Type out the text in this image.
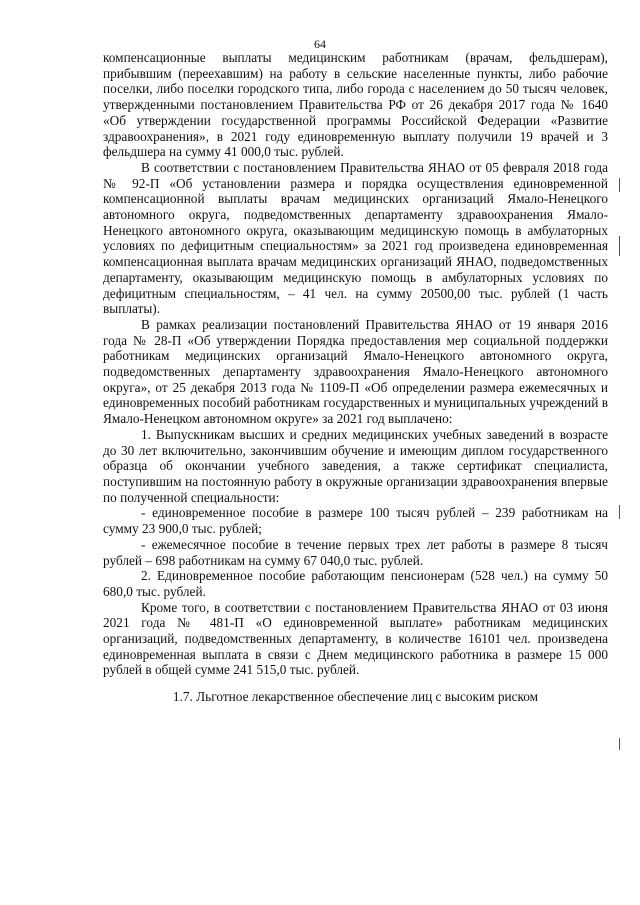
64

компенсационные выплаты медицинским работникам (врачам, фельдшерам), прибывшим (переехавшим) на работу в сельские населенные пункты, либо рабочие поселки, либо поселки городского типа, либо города с населением до 50 тысяч человек, утвержденными постановлением Правительства РФ от 26 декабря 2017 года № 1640 «Об утверждении государственной программы Российской Федерации «Развитие здравоохранения», в 2021 году единовременную выплату получили 19 врачей и 3 фельдшера на сумму 41 000,0 тыс. рублей.

В соответствии с постановлением Правительства ЯНАО от 05 февраля 2018 года № 92-П «Об установлении размера и порядка осуществления единовременной компенсационной выплаты врачам медицинских организаций Ямало-Ненецкого автономного округа, подведомственных департаменту здравоохранения Ямало-Ненецкого автономного округа, оказывающим медицинскую помощь в амбулаторных условиях по дефицитным специальностям» за 2021 год произведена единовременная компенсационная выплата врачам медицинских организаций ЯНАО, подведомственных департаменту, оказывающим медицинскую помощь в амбулаторных условиях по дефицитным специальностям, – 41 чел. на сумму 20500,00 тыс. рублей (1 часть выплаты).

В рамках реализации постановлений Правительства ЯНАО от 19 января 2016 года № 28-П «Об утверждении Порядка предоставления мер социальной поддержки работникам медицинских организаций Ямало-Ненецкого автономного округа, подведомственных департаменту здравоохранения Ямало-Ненецкого автономного округа», от 25 декабря 2013 года № 1109-П «Об определении размера ежемесячных и единовременных пособий работникам государственных и муниципальных учреждений в Ямало-Ненецком автономном округе» за 2021 год выплачено:

1. Выпускникам высших и средних медицинских учебных заведений в возрасте до 30 лет включительно, закончившим обучение и имеющим диплом государственного образца об окончании учебного заведения, а также сертификат специалиста, поступившим на постоянную работу в окружные организации здравоохранения впервые по полученной специальности:

- единовременное пособие в размере 100 тысяч рублей – 239 работникам на сумму 23 900,0 тыс. рублей;

- ежемесячное пособие в течение первых трех лет работы в размере 8 тысяч рублей – 698 работникам на сумму 67 040,0 тыс. рублей.

2. Единовременное пособие работающим пенсионерам (528 чел.) на сумму 50 680,0 тыс. рублей.

Кроме того, в соответствии с постановлением Правительства ЯНАО от 03 июня 2021 года № 481-П «О единовременной выплате» работникам медицинских организаций, подведомственных департаменту, в количестве 16101 чел. произведена единовременная выплата в связи с Днем медицинского работника в размере 15 000 рублей в общей сумме 241 515,0 тыс. рублей.

1.7. Льготное лекарственное обеспечение лиц с высоким риском
